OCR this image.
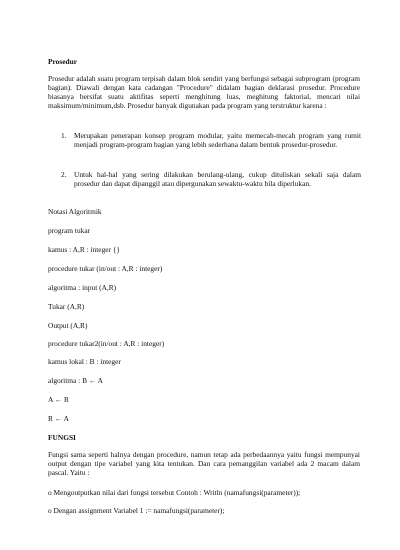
Prosedur

Prosedur adalah suatu program terpisah dalam blok sendiri yang berfungsi sebagai subprogram (program bagian). Diawali dengan kata cadangan "Procedure" didalam bagian deklarasi prosedur. Procedure biasanya bersifat suatu aktifitas seperti menghitung luas, meghitung faktorial, mencari nilai maksimum/minimum,dsb. Prosedur banyak digunakan pada program yang terstruktur karena :

1.	Merupakan penerapan konsep program modular, yaitu memecah-mecah program yang rumit menjadi program-program bagian yang lebih sederhana dalam bentuk prosedur-prosedur.
2.	Untuk hal-hal yang sering dilakukan berulang-ulang, cukup dituliskan sekali saja dalam prosedur dan dapat dipanggil atau dipergunakan sewaktu-waktu bila diperlukan.

Notasi Algoritmik

program tukar

kamus : A,R : integer {}

procedure tukar (in/out : A,R : integer)

algoritma : input (A,R)

Tukar (A,R)

Output (A,R)

procedure tukar2(in/out : A,R : integer)

kamus lokal : B : integer

algoritma : B ← A

A ← R

R ← A

FUNGSI

Fungsi sama seperti halnya dengan procedure, namun tetap ada perbedaannya yaitu fungsi mempunyai output dengan tipe variabel yang kita tentukan. Dan cara pemanggilan variabel ada 2 macam dalam pascal. Yaitu :

o Mengoutputkan nilai dari fungsi tersebut Contoh : Writln (namafungsi(parameter));
o Dengan assignment Variabel 1 := namafungsi(parameter);
